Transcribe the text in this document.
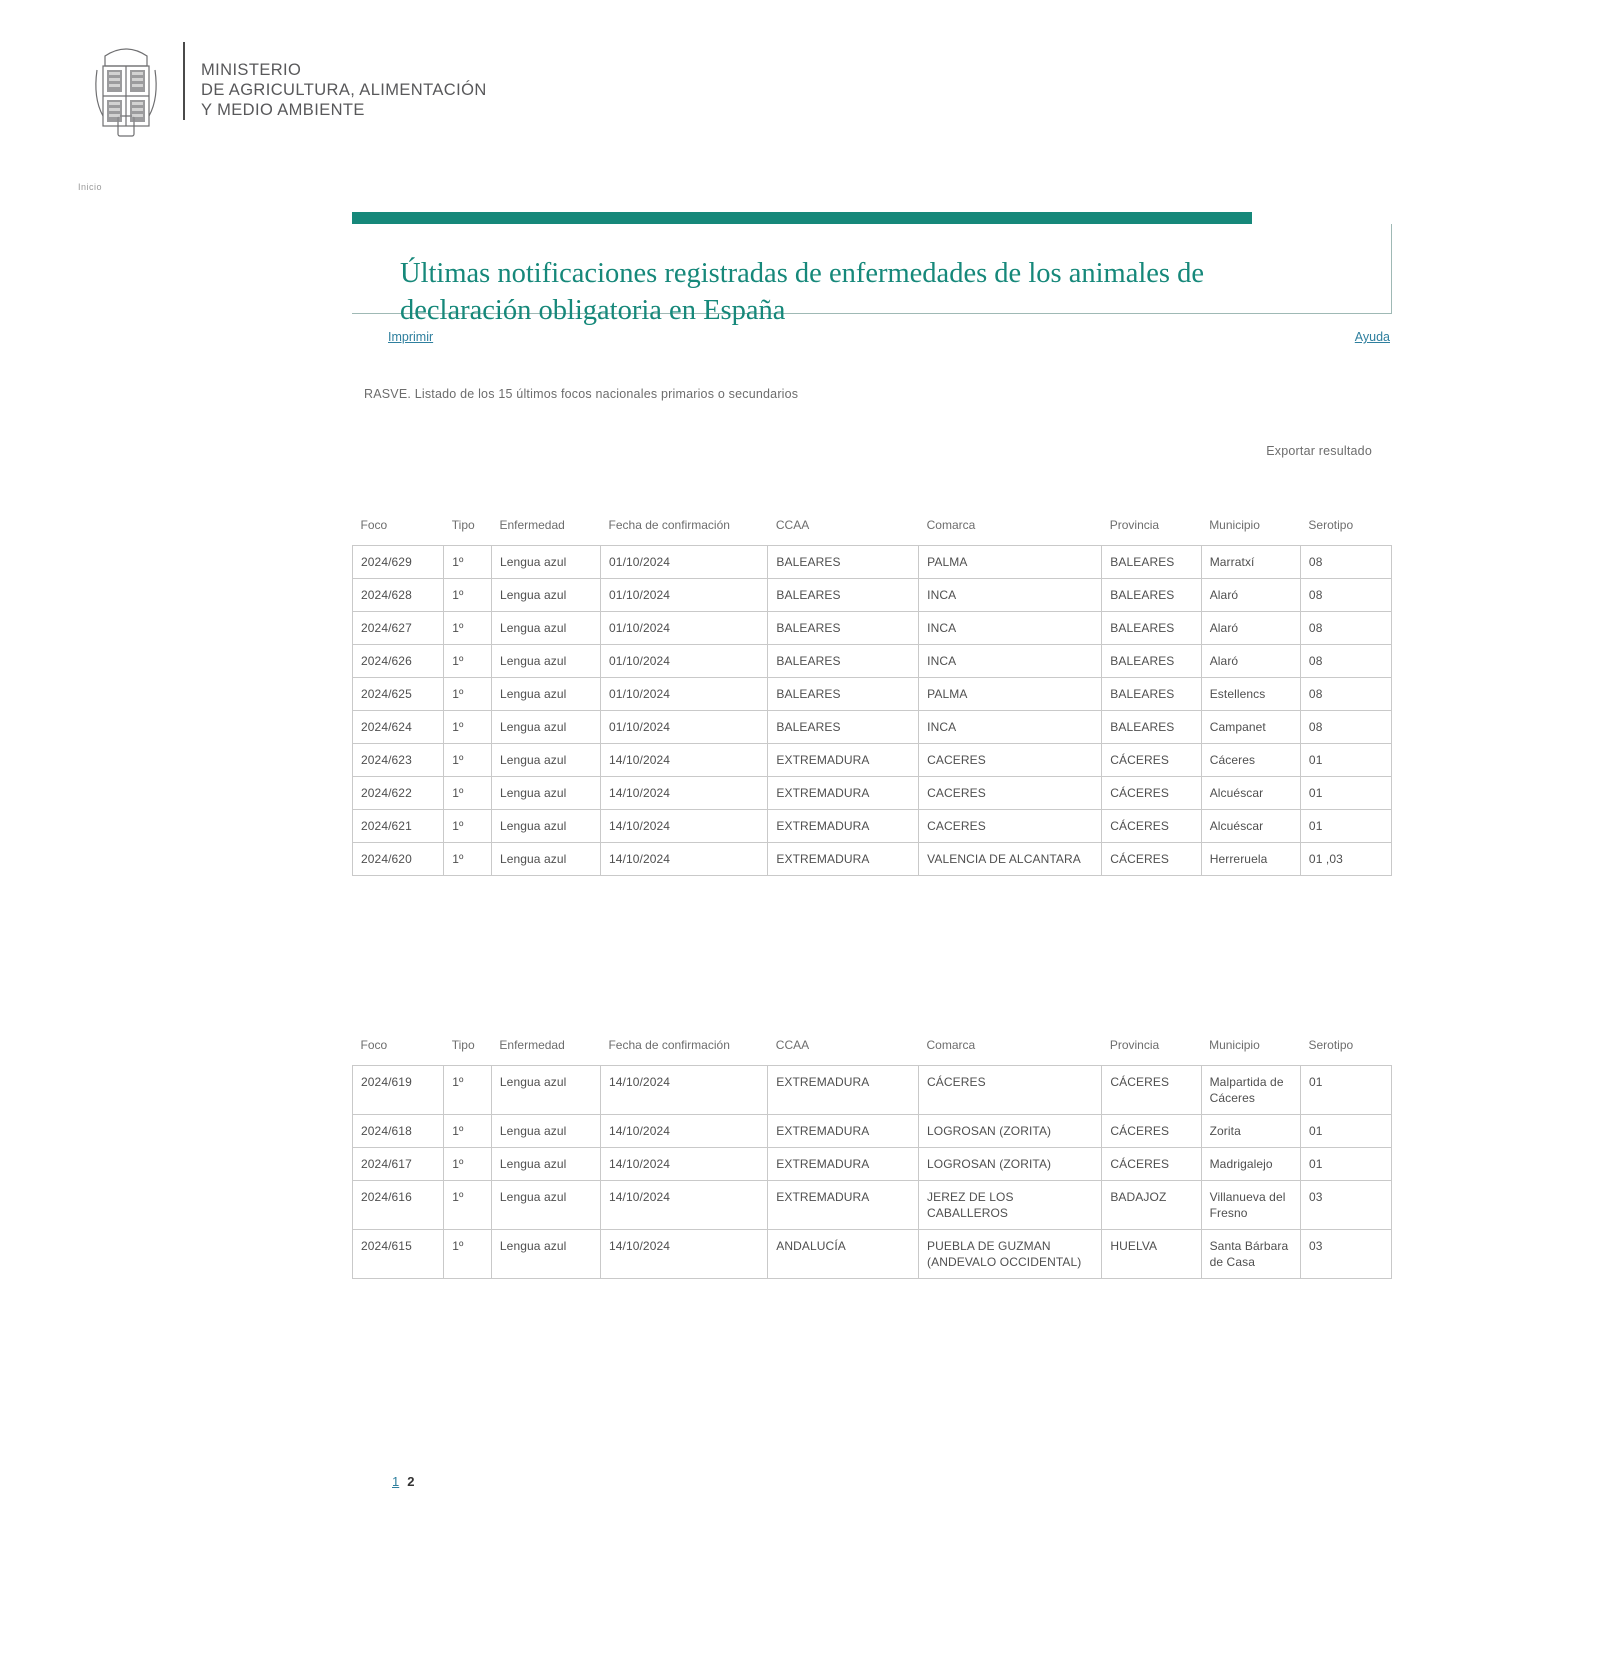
MINISTERIO
DE AGRICULTURA, ALIMENTACIÓN
Y MEDIO AMBIENTE
Inicio
Últimas notificaciones registradas de enfermedades de los animales de declaración obligatoria en España
Imprimir	Ayuda
RASVE. Listado de los 15 últimos focos nacionales primarios o secundarios
Exportar resultado
Foco	Tipo	Enfermedad	Fecha de confirmación	CCAA	Comarca	Provincia	Municipio	Serotipo
2024/629	1º	Lengua azul	01/10/2024	BALEARES	PALMA	BALEARES	Marratxí	08
2024/628	1º	Lengua azul	01/10/2024	BALEARES	INCA	BALEARES	Alaró	08
2024/627	1º	Lengua azul	01/10/2024	BALEARES	INCA	BALEARES	Alaró	08
2024/626	1º	Lengua azul	01/10/2024	BALEARES	INCA	BALEARES	Alaró	08
2024/625	1º	Lengua azul	01/10/2024	BALEARES	PALMA	BALEARES	Estellencs	08
2024/624	1º	Lengua azul	01/10/2024	BALEARES	INCA	BALEARES	Campanet	08
2024/623	1º	Lengua azul	14/10/2024	EXTREMADURA	CACERES	CÁCERES	Cáceres	01
2024/622	1º	Lengua azul	14/10/2024	EXTREMADURA	CACERES	CÁCERES	Alcuéscar	01
2024/621	1º	Lengua azul	14/10/2024	EXTREMADURA	CACERES	CÁCERES	Alcuéscar	01
2024/620	1º	Lengua azul	14/10/2024	EXTREMADURA	VALENCIA DE ALCANTARA	CÁCERES	Herreruela	01 ,03
Foco	Tipo	Enfermedad	Fecha de confirmación	CCAA	Comarca	Provincia	Municipio	Serotipo
2024/619	1º	Lengua azul	14/10/2024	EXTREMADURA	CÁCERES	CÁCERES	Malpartida de Cáceres	01
2024/618	1º	Lengua azul	14/10/2024	EXTREMADURA	LOGROSAN (ZORITA)	CÁCERES	Zorita	01
2024/617	1º	Lengua azul	14/10/2024	EXTREMADURA	LOGROSAN (ZORITA)	CÁCERES	Madrigalejo	01
2024/616	1º	Lengua azul	14/10/2024	EXTREMADURA	JEREZ DE LOS CABALLEROS	BADAJOZ	Villanueva del Fresno	03
2024/615	1º	Lengua azul	14/10/2024	ANDALUCÍA	PUEBLA DE GUZMAN (ANDEVALO OCCIDENTAL)	HUELVA	Santa Bárbara de Casa	03
1 2
